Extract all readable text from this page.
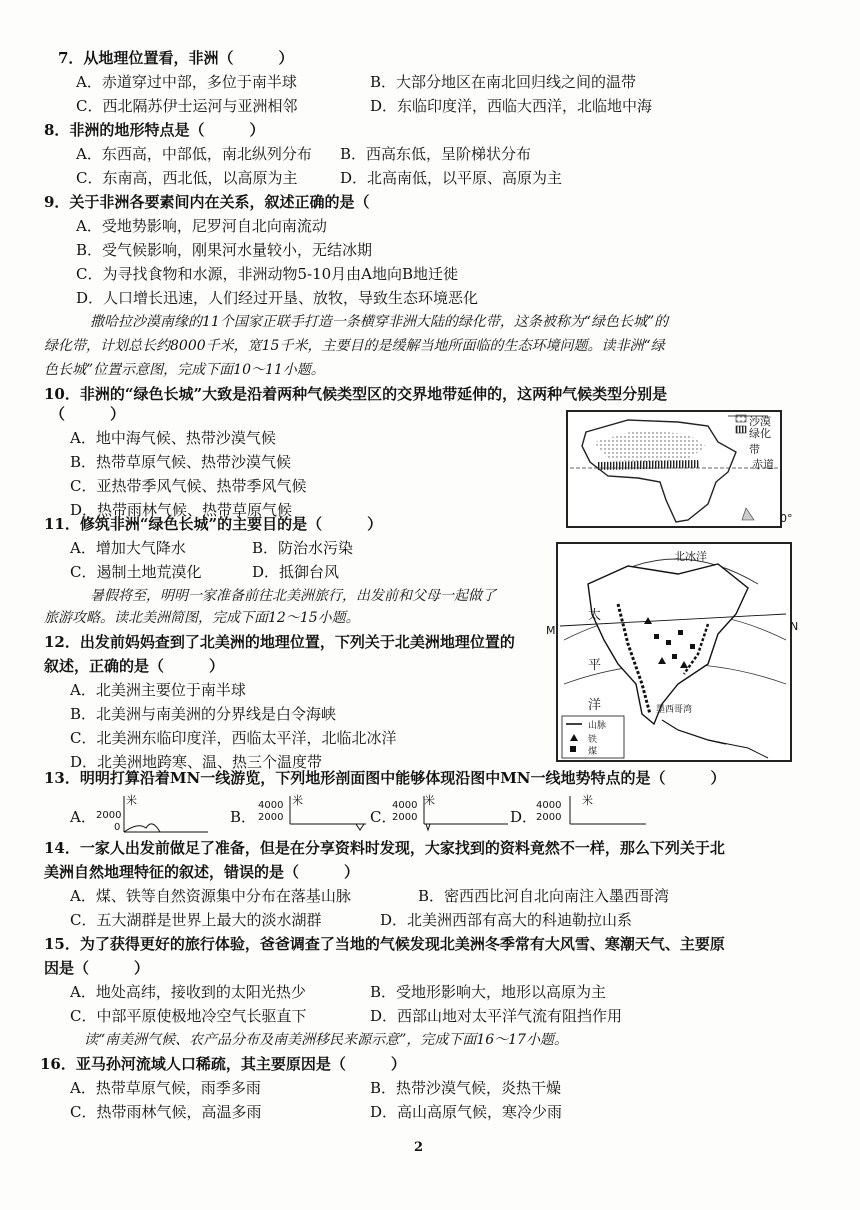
7．从地理位置看，非洲（　　　）
A．赤道穿过中部，多位于南半球	B．大部分地区在南北回归线之间的温带
C．西北隔苏伊士运河与亚洲相邻	D．东临印度洋，西临大西洋，北临地中海
8．非洲的地形特点是（　　　）
A．东西高，中部低，南北纵列分布 B．西高东低，呈阶梯状分布
C．东南高，西北低，以高原为主	D．北高南低，以平原、高原为主
9．关于非洲各要素间内在关系，叙述正确的是（
A．受地势影响，尼罗河自北向南流动
B．受气候影响，刚果河水量较小，无结冰期
C．为寻找食物和水源，非洲动物5-10月由A地向B地迁徙
D．人口增长迅速，人们经过开垦、放牧，导致生态环境恶化
撒哈拉沙漠南缘的11个国家正联手打造一条横穿非洲大陆的绿化带，这条被称为“绿色长城”的
绿化带，计划总长约8000千米，宽15千米，主要目的是缓解当地所面临的生态环境问题。读非洲“绿
色长城”位置示意图，完成下面10～11小题。
10．非洲的“绿色长城”大致是沿着两种气候类型区的交界地带延伸的，这两种气候类型分别是
（　　　）
A．地中海气候、热带沙漠气候
B．热带草原气候、热带沙漠气候
C．亚热带季风气候、热带季风气候
D．热带雨林气候、热带草原气候
沙漠
绿化带
赤道
0°
11．修筑非洲“绿色长城”的主要目的是（　　　）
A．增加大气降水	B．防治水污染
C．遏制土地荒漠化	D．抵御台风
暑假将至，明明一家准备前往北美洲旅行，出发前和父母一起做了
旅游攻略。读北美洲简图，完成下面12～15小题。
12．出发前妈妈查到了北美洲的地理位置，下列关于北美洲地理位置的
叙述，正确的是（　　　）
A．北美洲主要位于南半球
B．北美洲与南美洲的分界线是白令海峡
C．北美洲东临印度洋，西临太平洋，北临北冰洋
D．北美洲地跨寒、温、热三个温度带
北冰洋
太
平
洋	墨西哥湾
山脉
铁
煤
M	N
13．明明打算沿着MN一线游览，下列地形剖面图中能够体现沿图中MN一线地势特点的是（　　　）
A．
米
2000
0
B．
米
4000
2000	C．
米
4000
2000	D．
米
4000
2000
14．一家人出发前做足了准备，但是在分享资料时发现，大家找到的资料竟然不一样，那么下列关于北
美洲自然地理特征的叙述，错误的是（　　　）
A．煤、铁等自然资源集中分布在落基山脉	B．密西西比河自北向南注入墨西哥湾
C．五大湖群是世界上最大的淡水湖群	D．北美洲西部有高大的科迪勒拉山系
15．为了获得更好的旅行体验，爸爸调查了当地的气候发现北美洲冬季常有大风雪、寒潮天气、主要原
因是（　　　）
A．地处高纬，接收到的太阳光热少	B．受地形影响大，地形以高原为主
C．中部平原使极地冷空气长驱直下	D．西部山地对太平洋气流有阻挡作用
读“南美洲气候、农产品分布及南美洲移民来源示意”，完成下面16～17小题。
16．亚马孙河流域人口稀疏，其主要原因是（　　　）
A．热带草原气候，雨季多雨	B．热带沙漠气候，炎热干燥
C．热带雨林气候，高温多雨	D．高山高原气候，寒冷少雨
2
